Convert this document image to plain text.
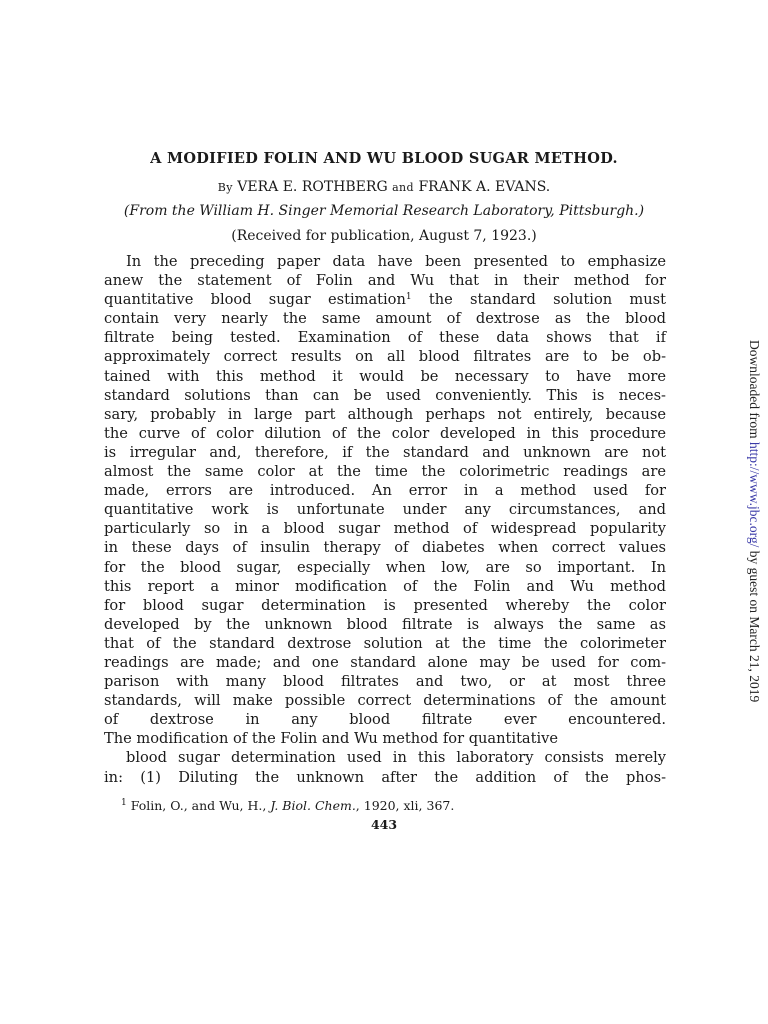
A MODIFIED FOLIN AND WU BLOOD SUGAR METHOD.
By VERA E. ROTHBERG and FRANK A. EVANS.
(From the William H. Singer Memorial Research Laboratory, Pittsburgh.)
(Received for publication, August 7, 1923.)
In the preceding paper data have been presented to emphasize
anew the statement of Folin and Wu that in their method for
quantitative blood sugar estimation$^1$ the standard solution must
contain very nearly the same amount of dextrose as the blood
filtrate being tested. Examination of these data shows that if
approximately correct results on all blood filtrates are to be ob-
tained with this method it would be necessary to have more
standard solutions than can be used conveniently. This is neces-
sary, probably in large part although perhaps not entirely, because
the curve of color dilution of the color developed in this procedure
is irregular and, therefore, if the standard and unknown are not
almost the same color at the time the colorimetric readings are
made, errors are introduced. An error in a method used for
quantitative work is unfortunate under any circumstances, and
particularly so in a blood sugar method of widespread popularity
in these days of insulin therapy of diabetes when correct values
for the blood sugar, especially when low, are so important. In
this report a minor modification of the Folin and Wu method
for blood sugar determination is presented whereby the color
developed by the unknown blood filtrate is always the same as
that of the standard dextrose solution at the time the colorimeter
readings are made; and one standard alone may be used for com-
parison with many blood filtrates and two, or at most three
standards, will make possible correct determinations of the amount
of dextrose in any blood filtrate ever encountered.
The modification of the Folin and Wu method for quantitative
blood sugar determination used in this laboratory consists merely
in: (1) Diluting the unknown after the addition of the phos-
$^1$ Folin, O., and Wu, H., J. Biol. Chem., 1920, xli, 367.
443
Downloaded from http://www.jbc.org/ by guest on March 21, 2019
